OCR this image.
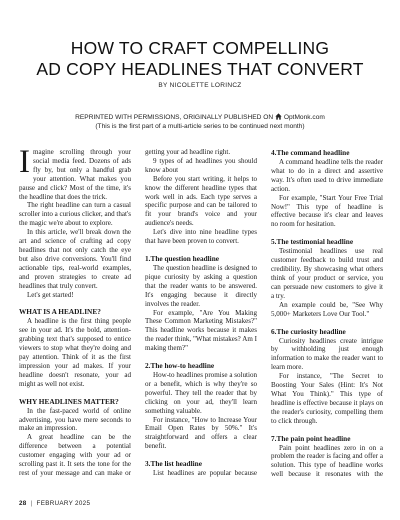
HOW TO CRAFT COMPELLING
AD COPY HEADLINES THAT CONVERT
BY NICOLETTE LORINCZ
REPRINTED WITH PERMISSIONS, ORIGINALLY PUBLISHED ON OptMonk.com
(This is the first part of a multi-article series to be continued next month)

Imagine scrolling through your social media feed. Dozens of ads fly by, but only a handful grab your attention. What makes you pause and click? Most of the time, it's the headline that does the trick.

The right headline can turn a casual scroller into a curious clicker, and that's the magic we're about to explore.

In this article, we'll break down the art and science of crafting ad copy headlines that not only catch the eye but also drive conversions. You'll find actionable tips, real-world examples, and proven strategies to create ad headlines that truly convert.

Let's get started!

WHAT IS A HEADLINE?

A headline is the first thing people see in your ad. It's the bold, attention-grabbing text that's supposed to entice viewers to stop what they're doing and pay attention. Think of it as the first impression your ad makes. If your headline doesn't resonate, your ad might as well not exist.

WHY HEADLINES MATTER?

In the fast-paced world of online advertising, you have mere seconds to make an impression.

A great headline can be the difference between a potential customer engaging with your ad or scrolling past it. It sets the tone for the rest of your message and can make or

getting your ad headline right.

9 types of ad headlines you should know about

Before you start writing, it helps to know the different headline types that work well in ads. Each type serves a specific purpose and can be tailored to fit your brand's voice and your audience's needs.

Let's dive into nine headline types that have been proven to convert.

1.The question headline

The question headline is designed to pique curiosity by asking a question that the reader wants to be answered. It's engaging because it directly involves the reader.

For example, "Are You Making These Common Marketing Mistakes?" This headline works because it makes the reader think, "What mistakes? Am I making them?"

2.The how-to headline

How-to headlines promise a solution or a benefit, which is why they're so powerful. They tell the reader that by clicking on your ad, they'll learn something valuable.

For instance, "How to Increase Your Email Open Rates by 50%." It's straightforward and offers a clear benefit.

3.The list headline

List headlines are popular because

4.The command headline

A command headline tells the reader what to do in a direct and assertive way. It's often used to drive immediate action.

For example, "Start Your Free Trial Now!" This type of headline is effective because it's clear and leaves no room for hesitation.

5.The testimonial headline

Testimonial headlines use real customer feedback to build trust and credibility. By showcasing what others think of your product or service, you can persuade new customers to give it a try.

An example could be, "See Why 5,000+ Marketers Love Our Tool."

6.The curiosity headline

Curiosity headlines create intrigue by withholding just enough information to make the reader want to learn more.

For instance, "The Secret to Boosting Your Sales (Hint: It's Not What You Think)." This type of headline is effective because it plays on the reader's curiosity, compelling them to click through.

7.The pain point headline

Pain point headlines zero in on a problem the reader is facing and offer a solution. This type of headline works well because it resonates with the

28 | FEBRUARY 2025
